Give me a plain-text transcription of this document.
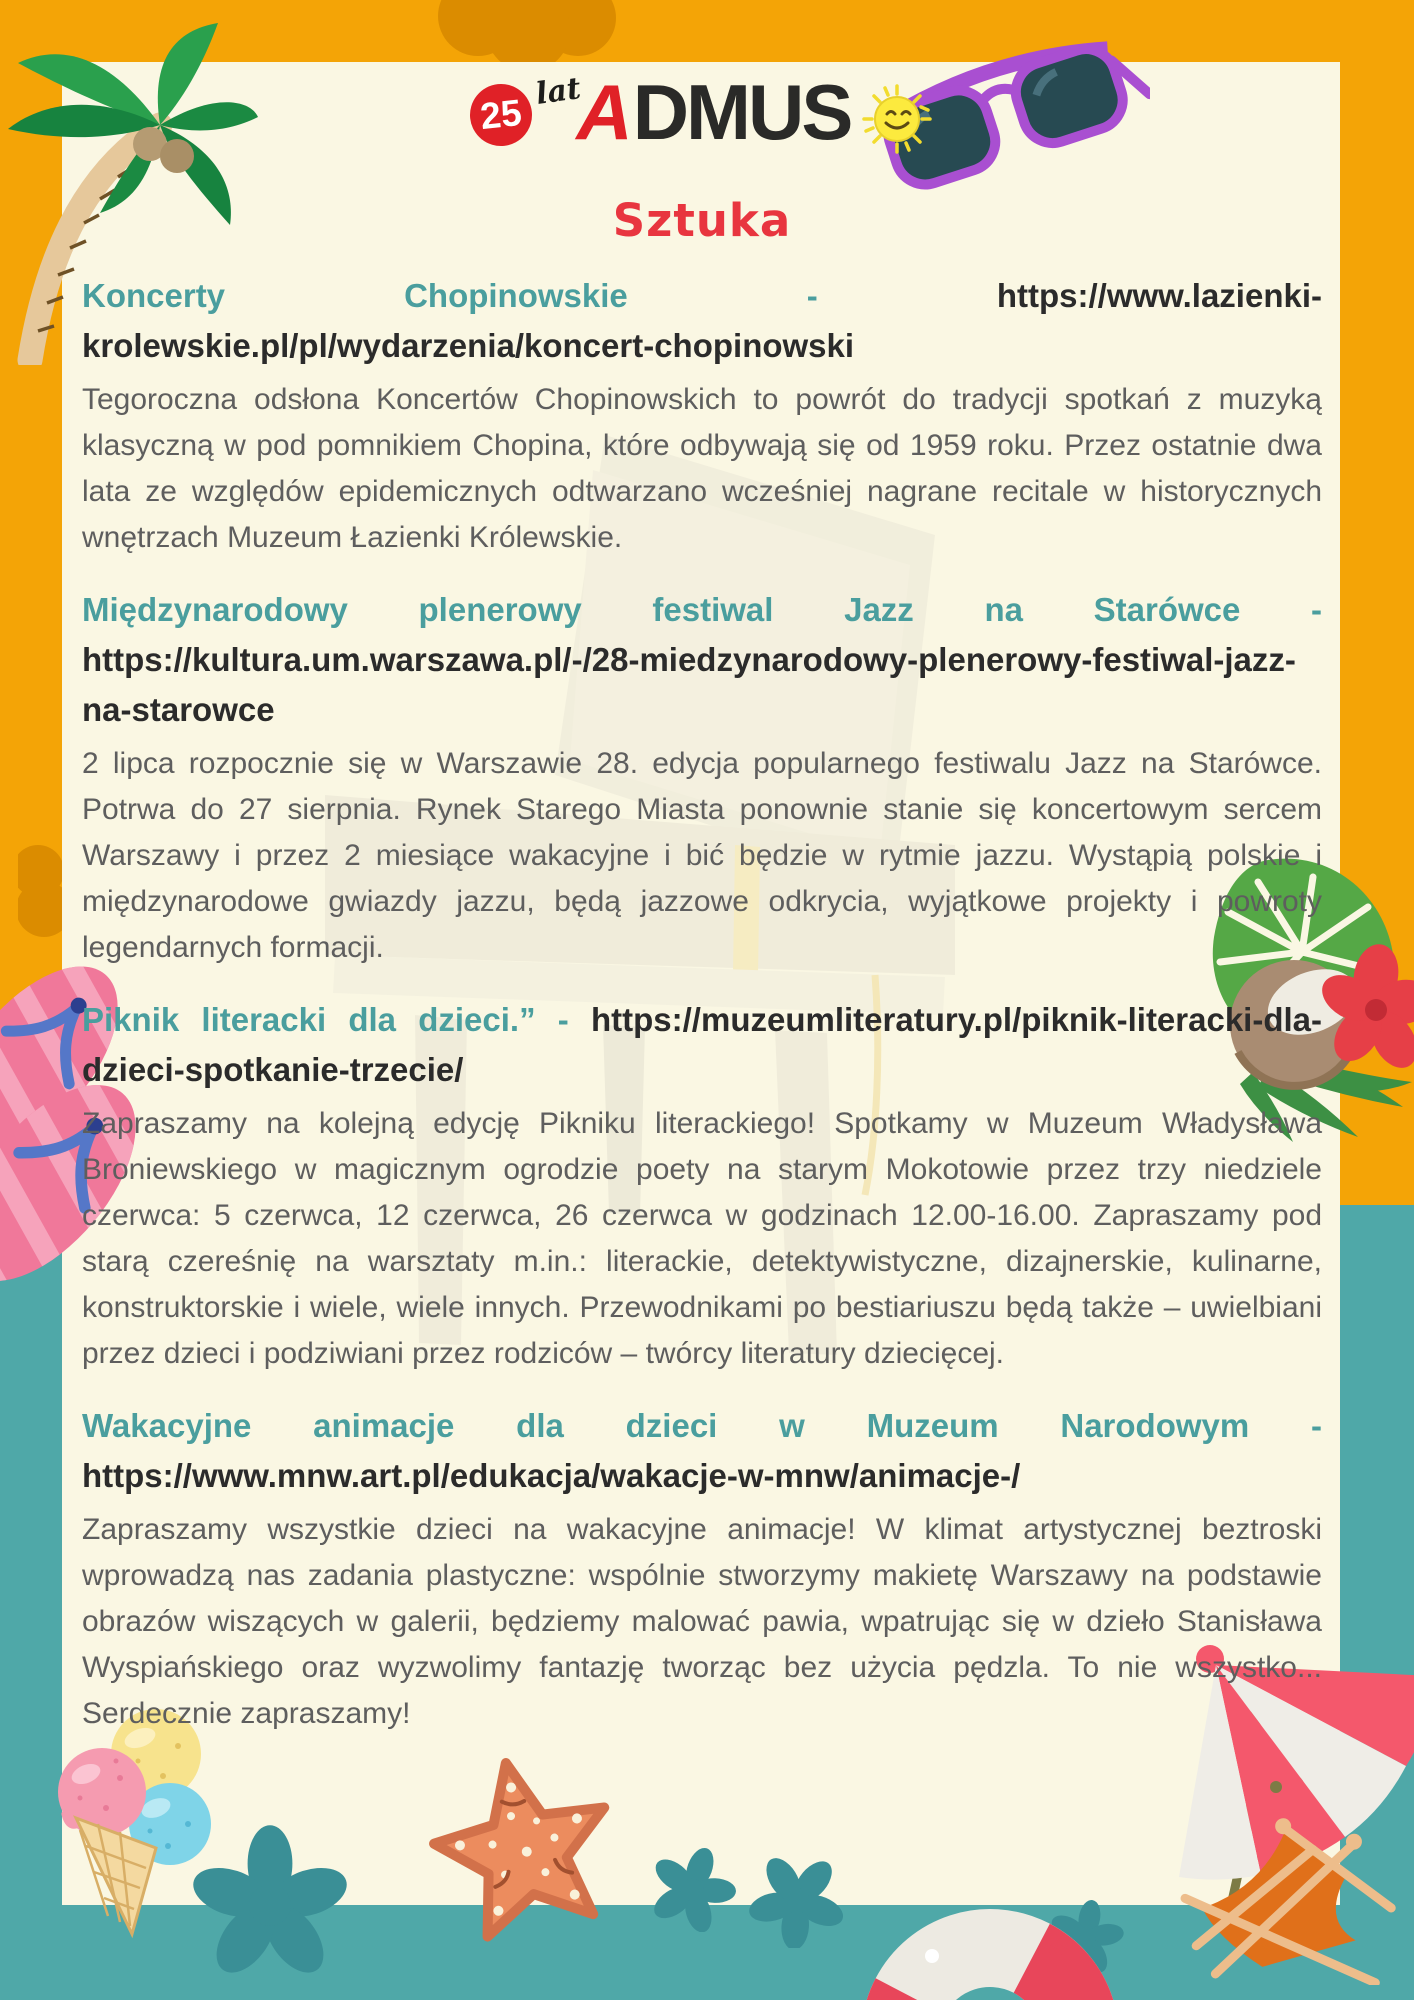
25
lat
A DMUS
Sztuka

Koncerty Chopinowskie -	https://www.lazienki-krolewskie.pl/pl/wydarzenia/koncert-chopinowski

Tegoroczna odsłona Koncertów Chopinowskich to powrót do tradycji spotkań z muzyką klasyczną w pod pomnikiem Chopina, które odbywają się od 1959 roku. Przez ostatnie dwa lata ze względów epidemicznych odtwarzano wcześniej nagrane recitale w historycznych wnętrzach Muzeum Łazienki Królewskie.

Międzynarodowy plenerowy festiwal Jazz na Starówce - https://kultura.um.warszawa.pl/-/28-miedzynarodowy-plenerowy-festiwal-jazz-na-starowce

2 lipca rozpocznie się w Warszawie 28. edycja popularnego festiwalu Jazz na Starówce. Potrwa do 27 sierpnia. Rynek Starego Miasta ponownie stanie się koncertowym sercem Warszawy i przez 2 miesiące wakacyjne i bić będzie w rytmie jazzu. Wystąpią polskie i międzynarodowe gwiazdy jazzu, będą jazzowe odkrycia, wyjątkowe projekty i powroty legendarnych formacji.

Piknik literacki dla dzieci.” - https://muzeumliteratury.pl/piknik-literacki-dla-dzieci-spotkanie-trzecie/

Zapraszamy na kolejną edycję Pikniku literackiego! Spotkamy w Muzeum Władysława Broniewskiego w magicznym ogrodzie poety na starym Mokotowie przez trzy niedziele czerwca: 5 czerwca, 12 czerwca, 26 czerwca w godzinach 12.00-16.00. Zapraszamy pod starą czereśnię na warsztaty m.in.: literackie, detektywistyczne, dizajnerskie, kulinarne, konstruktorskie i wiele, wiele innych. Przewodnikami po bestiariuszu będą także – uwielbiani przez dzieci i podziwiani przez rodziców – twórcy literatury dziecięcej.

Wakacyjne animacje dla dzieci w Muzeum Narodowym - https://www.mnw.art.pl/edukacja/wakacje-w-mnw/animacje-/

Zapraszamy wszystkie dzieci na wakacyjne animacje! W klimat artystycznej beztroski wprowadzą nas zadania plastyczne: wspólnie stworzymy makietę Warszawy na podstawie obrazów wiszących w galerii, będziemy malować pawia, wpatrując się w dzieło Stanisława Wyspiańskiego oraz wyzwolimy fantazję tworząc bez użycia pędzla. To nie wszystko... Serdecznie zapraszamy!
